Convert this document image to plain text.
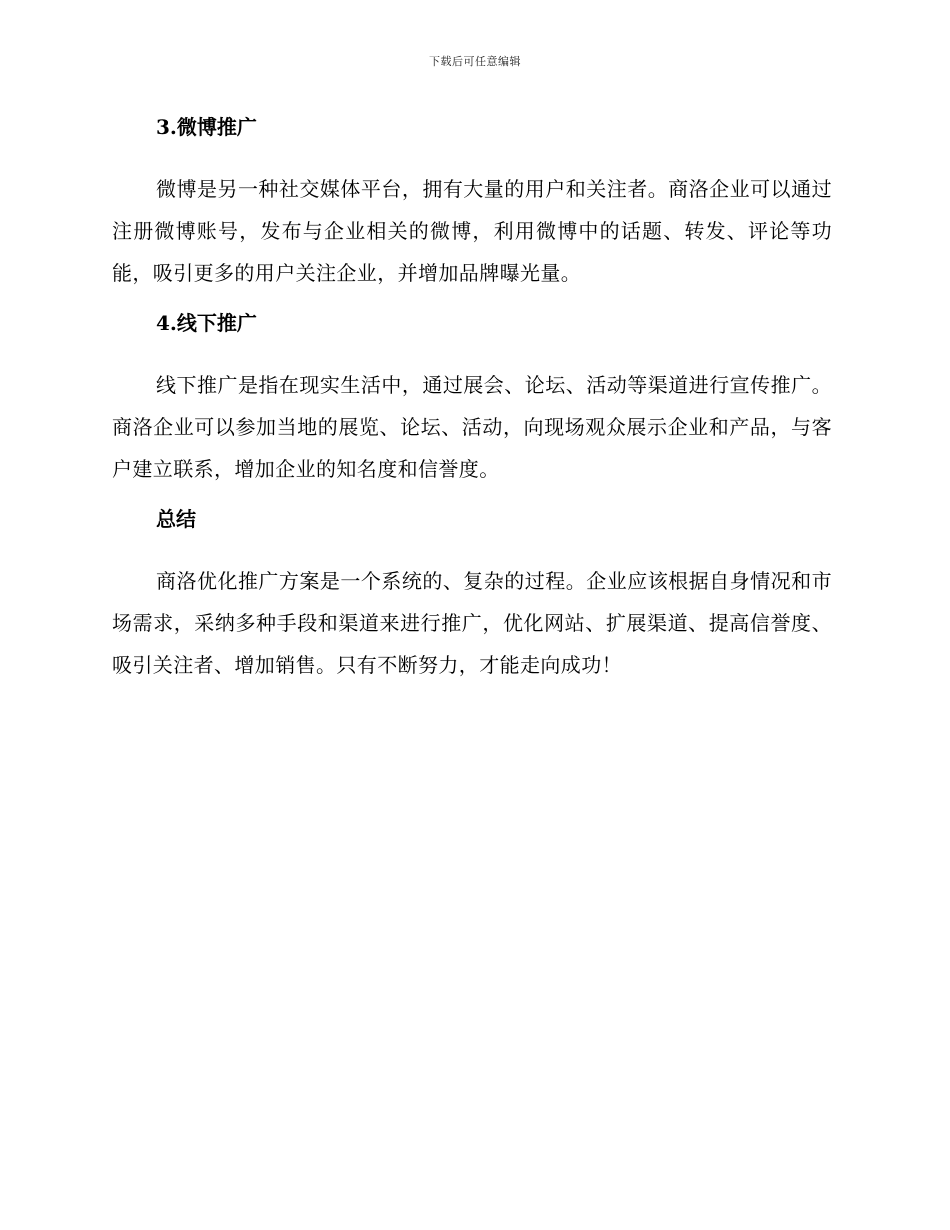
下载后可任意编辑
3.微博推广

微博是另一种社交媒体平台，拥有大量的用户和关注者。商洛企业可以通过注册微博账号，发布与企业相关的微博，利用微博中的话题、转发、评论等功能，吸引更多的用户关注企业，并增加品牌曝光量。

4.线下推广

线下推广是指在现实生活中，通过展会、论坛、活动等渠道进行宣传推广。商洛企业可以参加当地的展览、论坛、活动，向现场观众展示企业和产品，与客户建立联系，增加企业的知名度和信誉度。

总结

商洛优化推广方案是一个系统的、复杂的过程。企业应该根据自身情况和市场需求，采纳多种手段和渠道来进行推广，优化网站、扩展渠道、提高信誉度、吸引关注者、增加销售。只有不断努力，才能走向成功！
